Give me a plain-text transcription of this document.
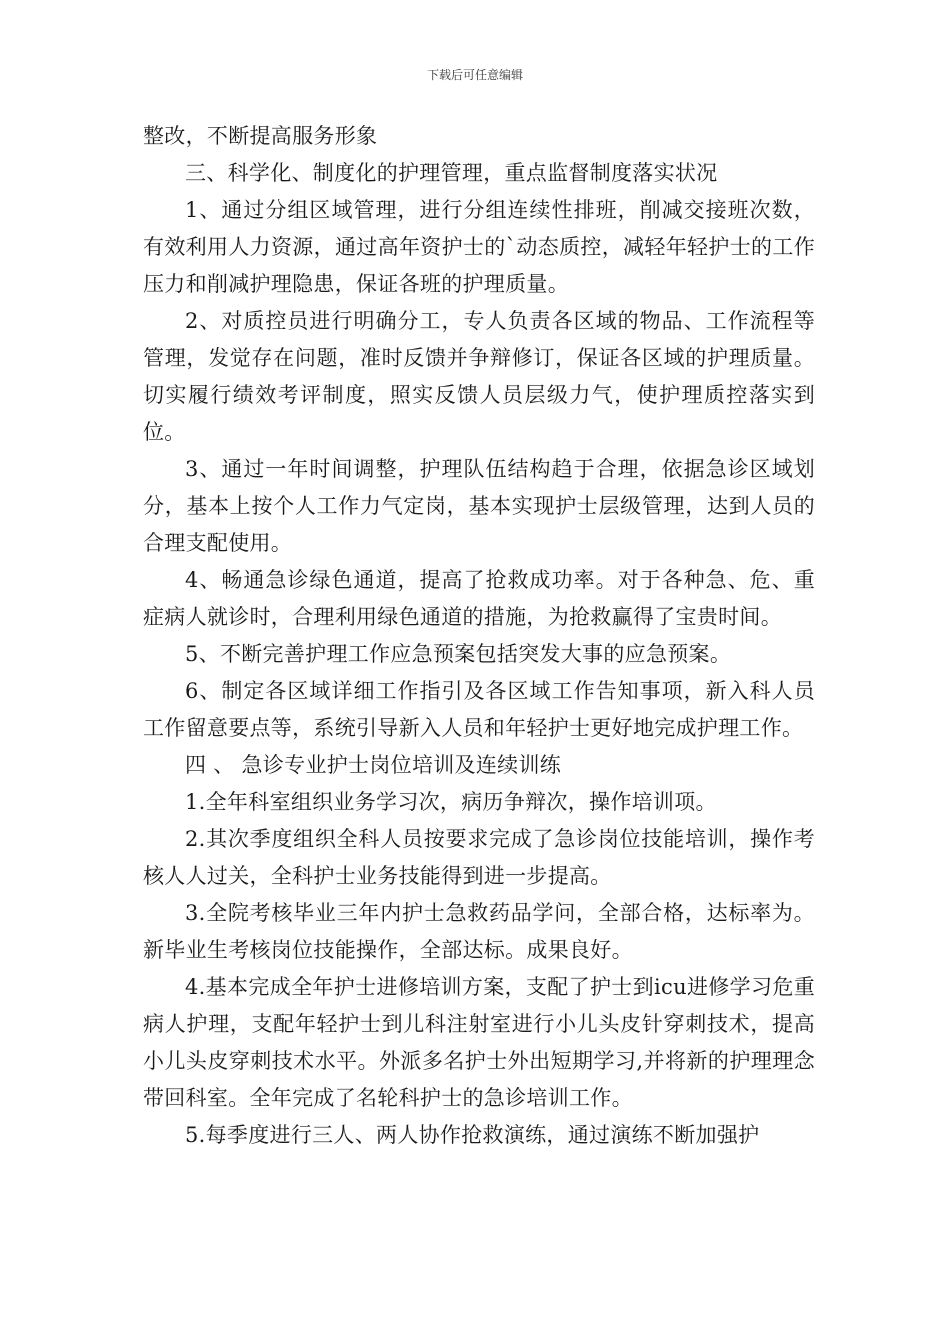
下载后可任意编辑

整改，不断提高服务形象

三、科学化、制度化的护理管理，重点监督制度落实状况

1、通过分组区域管理，进行分组连续性排班，削减交接班次数，有效利用人力资源，通过高年资护士的`动态质控，减轻年轻护士的工作压力和削减护理隐患，保证各班的护理质量。

2、对质控员进行明确分工，专人负责各区域的物品、工作流程等管理，发觉存在问题，准时反馈并争辩修订，保证各区域的护理质量。切实履行绩效考评制度，照实反馈人员层级力气，使护理质控落实到位。

3、通过一年时间调整，护理队伍结构趋于合理，依据急诊区域划分，基本上按个人工作力气定岗，基本实现护士层级管理，达到人员的合理支配使用。

4、畅通急诊绿色通道，提高了抢救成功率。对于各种急、危、重症病人就诊时，合理利用绿色通道的措施，为抢救赢得了宝贵时间。

5、不断完善护理工作应急预案包括突发大事的应急预案。

6、制定各区域详细工作指引及各区域工作告知事项，新入科人员工作留意要点等，系统引导新入人员和年轻护士更好地完成护理工作。

四 、 急诊专业护士岗位培训及连续训练

1.全年科室组织业务学习次，病历争辩次，操作培训项。

2.其次季度组织全科人员按要求完成了急诊岗位技能培训，操作考核人人过关，全科护士业务技能得到进一步提高。

3.全院考核毕业三年内护士急救药品学问，全部合格，达标率为。新毕业生考核岗位技能操作，全部达标。成果良好。

4.基本完成全年护士进修培训方案，支配了护士到icu进修学习危重病人护理，支配年轻护士到儿科注射室进行小儿头皮针穿刺技术，提高小儿头皮穿刺技术水平。外派多名护士外出短期学习,并将新的护理理念带回科室。全年完成了名轮科护士的急诊培训工作。

5.每季度进行三人、两人协作抢救演练，通过演练不断加强护
